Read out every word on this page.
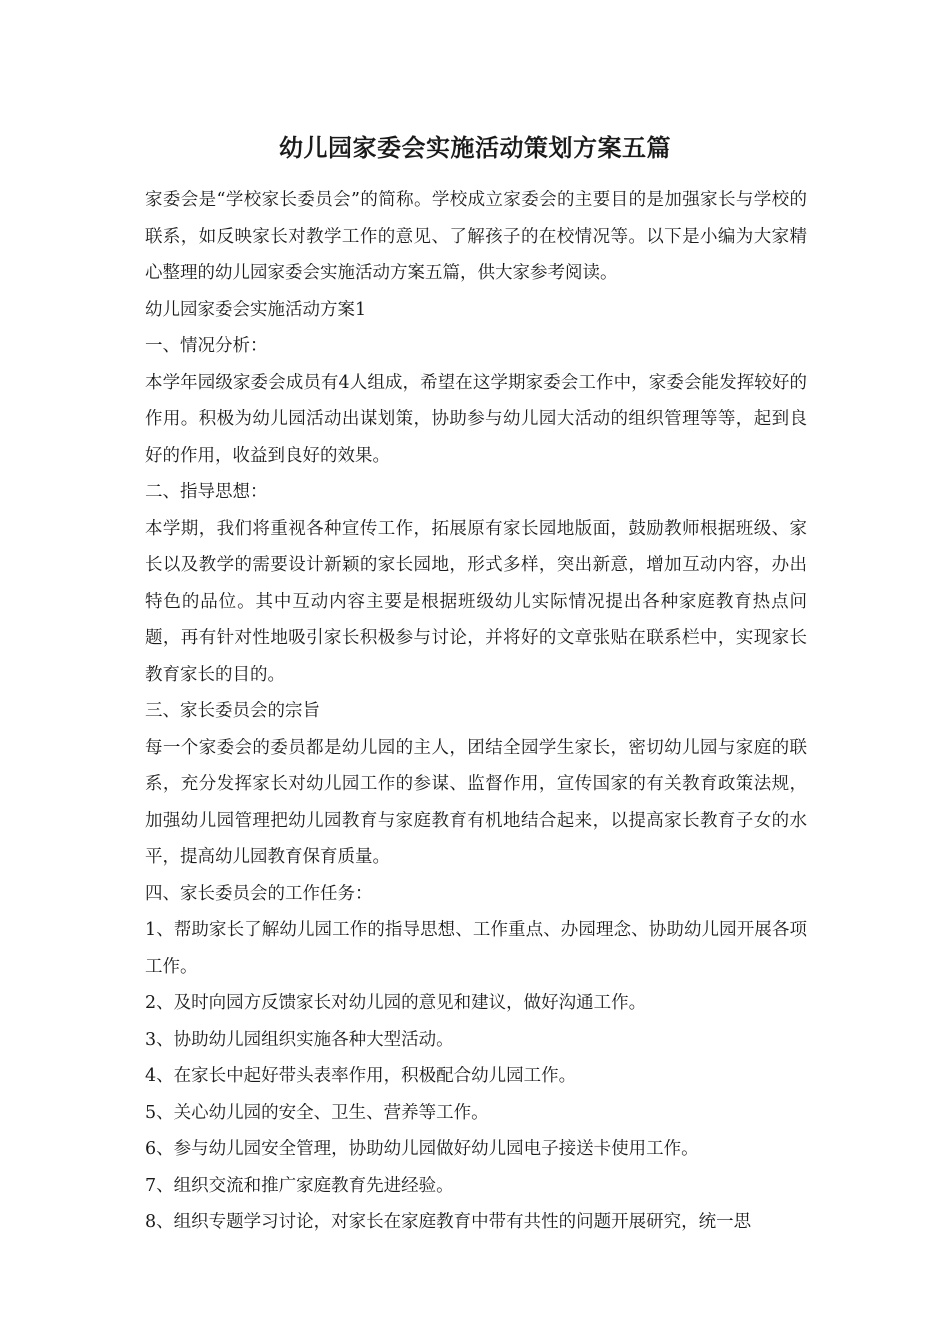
幼儿园家委会实施活动策划方案五篇

家委会是“学校家长委员会”的简称。学校成立家委会的主要目的是加强家长与学校的联系，如反映家长对教学工作的意见、了解孩子的在校情况等。以下是小编为大家精心整理的幼儿园家委会实施活动方案五篇，供大家参考阅读。

幼儿园家委会实施活动方案1

一、情况分析：

本学年园级家委会成员有4人组成，希望在这学期家委会工作中，家委会能发挥较好的作用。积极为幼儿园活动出谋划策，协助参与幼儿园大活动的组织管理等等，起到良好的作用，收益到良好的效果。

二、指导思想：

本学期，我们将重视各种宣传工作，拓展原有家长园地版面，鼓励教师根据班级、家长以及教学的需要设计新颖的家长园地，形式多样，突出新意，增加互动内容，办出特色的品位。其中互动内容主要是根据班级幼儿实际情况提出各种家庭教育热点问题，再有针对性地吸引家长积极参与讨论，并将好的文章张贴在联系栏中，实现家长教育家长的目的。

三、家长委员会的宗旨

每一个家委会的委员都是幼儿园的主人，团结全园学生家长，密切幼儿园与家庭的联系，充分发挥家长对幼儿园工作的参谋、监督作用，宣传国家的有关教育政策法规，加强幼儿园管理把幼儿园教育与家庭教育有机地结合起来，以提高家长教育子女的水平，提高幼儿园教育保育质量。

四、家长委员会的工作任务：

1、帮助家长了解幼儿园工作的指导思想、工作重点、办园理念、协助幼儿园开展各项工作。

2、及时向园方反馈家长对幼儿园的意见和建议，做好沟通工作。

3、协助幼儿园组织实施各种大型活动。

4、在家长中起好带头表率作用，积极配合幼儿园工作。

5、关心幼儿园的安全、卫生、营养等工作。

6、参与幼儿园安全管理，协助幼儿园做好幼儿园电子接送卡使用工作。

7、组织交流和推广家庭教育先进经验。

8、组织专题学习讨论，对家长在家庭教育中带有共性的问题开展研究，统一思
